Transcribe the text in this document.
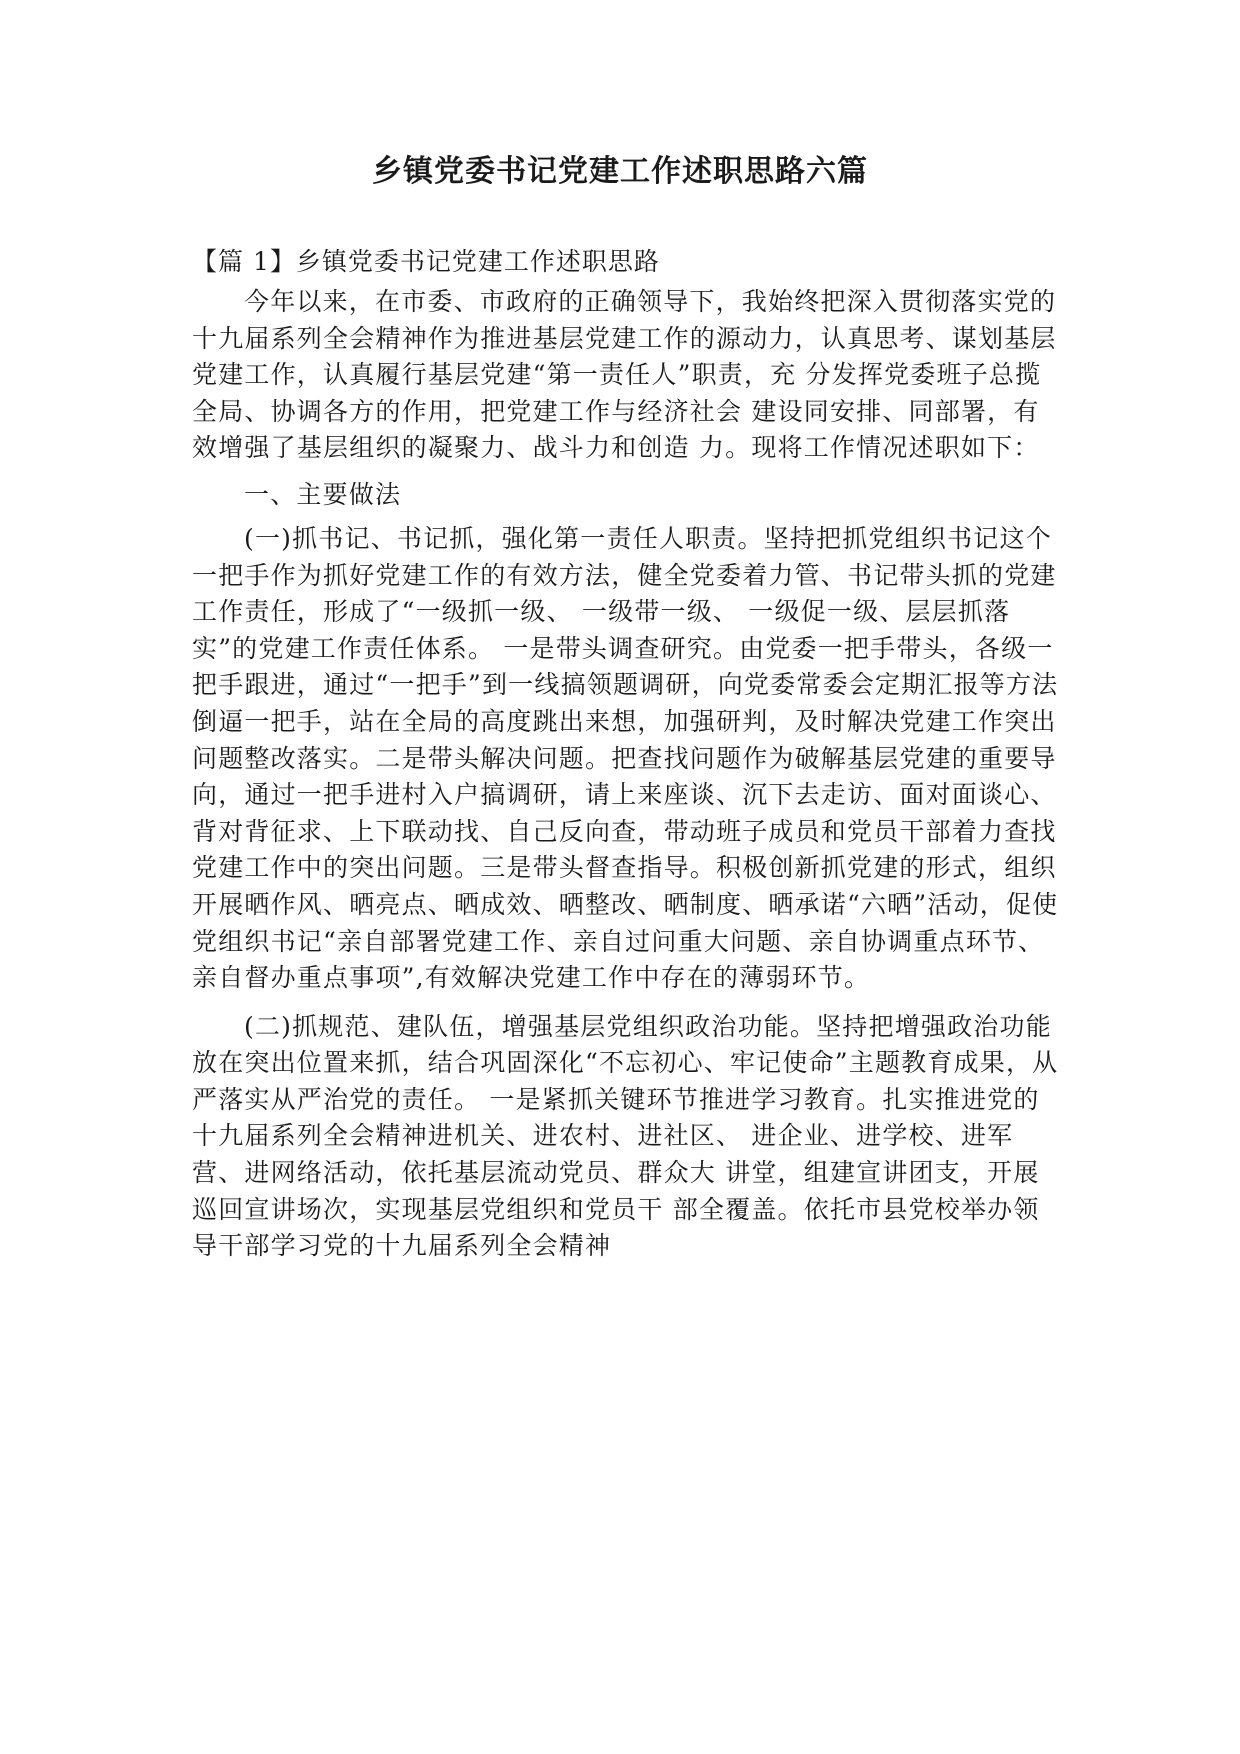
乡镇党委书记党建工作述职思路六篇
【篇 1】乡镇党委书记党建工作述职思路

今年以来，在市委、市政府的正确领导下，我始终把深入贯彻落实党的十九届系列全会精神作为推进基层党建工作的源动力，认真思考、谋划基层党建工作，认真履行基层党建“第一责任人”职责，充 分发挥党委班子总揽全局、协调各方的作用，把党建工作与经济社会 建设同安排、同部署，有效增强了基层组织的凝聚力、战斗力和创造 力。现将工作情况述职如下：

一、主要做法

(一)抓书记、书记抓，强化第一责任人职责。坚持把抓党组织书记这个一把手作为抓好党建工作的有效方法，健全党委着力管、书记带头抓的党建工作责任，形成了“一级抓一级、 一级带一级、 一级促一级、层层抓落实”的党建工作责任体系。 一是带头调查研究。由党委一把手带头，各级一把手跟进，通过“一把手”到一线搞领题调研，向党委常委会定期汇报等方法倒逼一把手，站在全局的高度跳出来想，加强研判，及时解决党建工作突出问题整改落实。二是带头解决问题。把查找问题作为破解基层党建的重要导向，通过一把手进村入户搞调研，请上来座谈、沉下去走访、面对面谈心、背对背征求、上下联动找、自己反向查，带动班子成员和党员干部着力查找党建工作中的突出问题。三是带头督查指导。积极创新抓党建的形式，组织开展晒作风、晒亮点、晒成效、晒整改、晒制度、晒承诺“六晒”活动，促使党组织书记“亲自部署党建工作、亲自过问重大问题、亲自协调重点环节、亲自督办重点事项”,有效解决党建工作中存在的薄弱环节。

(二)抓规范、建队伍，增强基层党组织政治功能。坚持把增强政治功能放在突出位置来抓，结合巩固深化“不忘初心、牢记使命”主题教育成果，从严落实从严治党的责任。 一是紧抓关键环节推进学习教育。扎实推进党的十九届系列全会精神进机关、进农村、进社区、 进企业、进学校、进军营、进网络活动，依托基层流动党员、群众大 讲堂，组建宣讲团支，开展巡回宣讲场次，实现基层党组织和党员干 部全覆盖。依托市县党校举办领导干部学习党的十九届系列全会精神
